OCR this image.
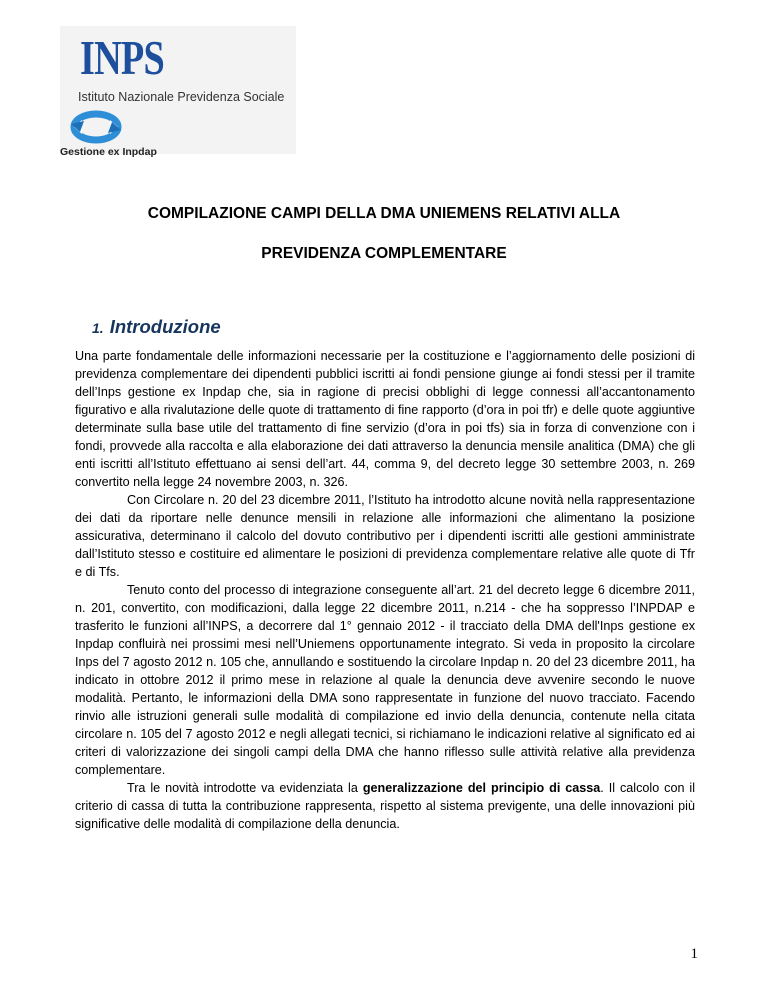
INPS
Istituto Nazionale Previdenza Sociale
Gestione ex Inpdap
COMPILAZIONE CAMPI DELLA DMA UNIEMENS RELATIVI ALLA
PREVIDENZA COMPLEMENTARE
1. Introduzione

Una parte fondamentale delle informazioni necessarie per la costituzione e l’aggiornamento delle posizioni di previdenza complementare dei dipendenti pubblici iscritti ai fondi pensione giunge ai fondi stessi per il tramite dell’Inps gestione ex Inpdap che, sia in ragione di precisi obblighi di legge connessi all’accantonamento figurativo e alla rivalutazione delle quote di trattamento di fine rapporto (d’ora in poi tfr) e delle quote aggiuntive determinate sulla base utile del trattamento di fine servizio (d’ora in poi tfs) sia in forza di convenzione con i fondi, provvede alla raccolta e alla elaborazione dei dati attraverso la denuncia mensile analitica (DMA) che gli enti iscritti all’Istituto effettuano ai sensi dell’art. 44, comma 9, del decreto legge 30 settembre 2003, n. 269 convertito nella legge 24 novembre 2003, n. 326.

Con Circolare n. 20 del 23 dicembre 2011, l’Istituto ha introdotto alcune novità nella rappresentazione dei dati da riportare nelle denunce mensili in relazione alle informazioni che alimentano la posizione assicurativa, determinano il calcolo del dovuto contributivo per i dipendenti iscritti alle gestioni amministrate dall’Istituto stesso e costituire ed alimentare le posizioni di previdenza complementare relative alle quote di Tfr e di Tfs.

Tenuto conto del processo di integrazione conseguente all’art. 21 del decreto legge 6 dicembre 2011, n. 201, convertito, con modificazioni, dalla legge 22 dicembre 2011, n.214 - che ha soppresso l’INPDAP e trasferito le funzioni all’INPS, a decorrere dal 1° gennaio 2012 - il tracciato della DMA dell'Inps gestione ex Inpdap confluirà nei prossimi mesi nell’Uniemens opportunamente integrato. Si veda in proposito la circolare Inps del 7 agosto 2012 n. 105 che, annullando e sostituendo la circolare Inpdap n. 20 del 23 dicembre 2011, ha indicato in ottobre 2012 il primo mese in relazione al quale la denuncia deve avvenire secondo le nuove modalità. Pertanto, le informazioni della DMA sono rappresentate in funzione del nuovo tracciato. Facendo rinvio alle istruzioni generali sulle modalità di compilazione ed invio della denuncia, contenute nella citata circolare n. 105 del 7 agosto 2012 e negli allegati tecnici, si richiamano le indicazioni relative al significato ed ai criteri di valorizzazione dei singoli campi della DMA che hanno riflesso sulle attività relative alla previdenza complementare.

Tra le novità introdotte va evidenziata la generalizzazione del principio di cassa. Il calcolo con il criterio di cassa di tutta la contribuzione rappresenta, rispetto al sistema previgente, una delle innovazioni più significative delle modalità di compilazione della denuncia.

1
